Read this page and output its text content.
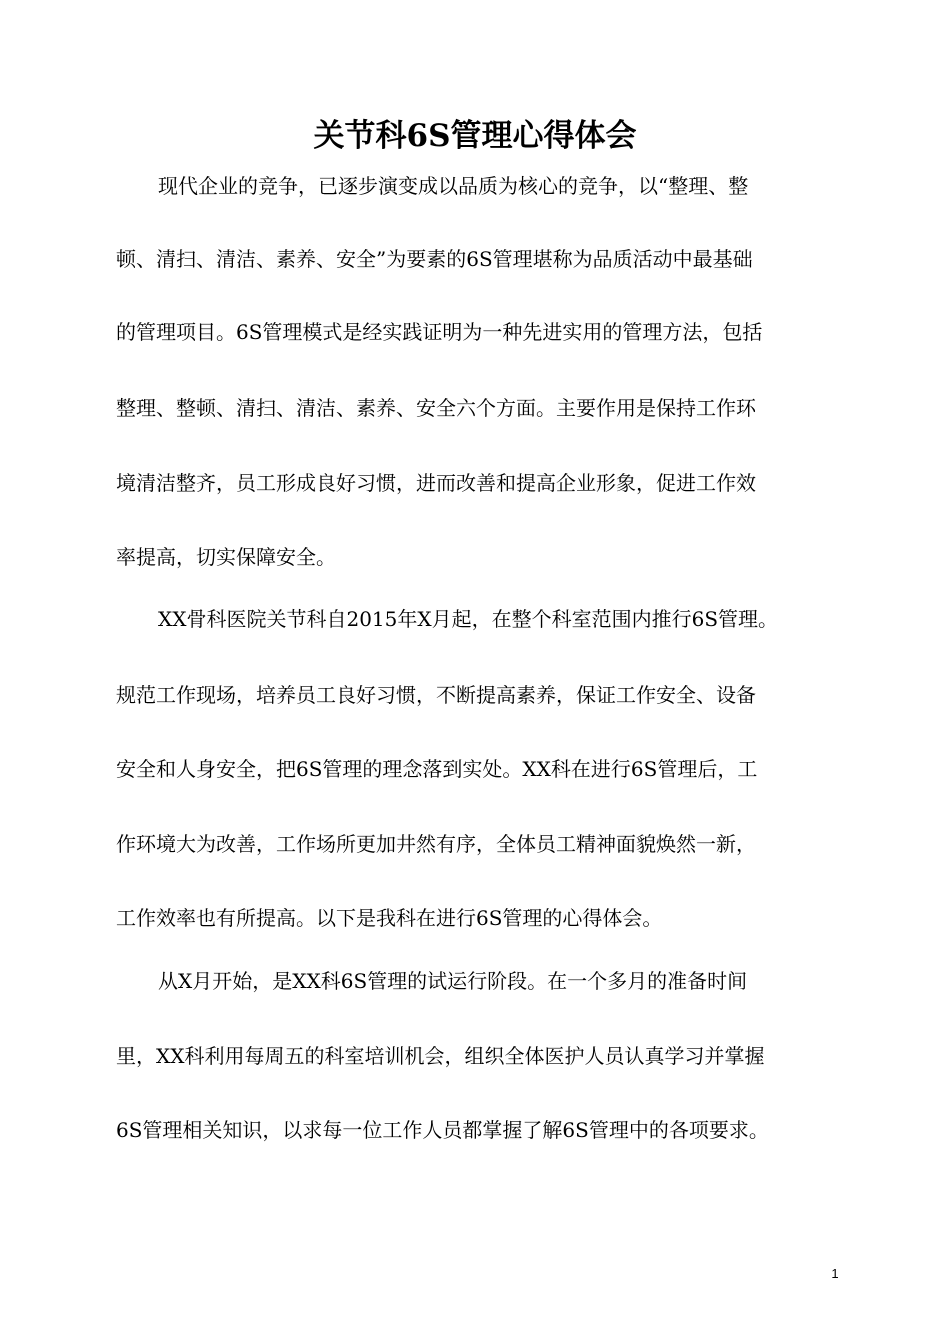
关节科6S管理心得体会
现代企业的竞争，已逐步演变成以品质为核心的竞争，以“整理、整
顿、清扫、清洁、素养、安全”为要素的6S管理堪称为品质活动中最基础
的管理项目。6S管理模式是经实践证明为一种先进实用的管理方法，包括
整理、整顿、清扫、清洁、素养、安全六个方面。主要作用是保持工作环
境清洁整齐，员工形成良好习惯，进而改善和提高企业形象，促进工作效
率提高，切实保障安全。
XX骨科医院关节科自2015年X月起，在整个科室范围内推行6S管理。
规范工作现场，培养员工良好习惯，不断提高素养，保证工作安全、设备
安全和人身安全，把6S管理的理念落到实处。XX科在进行6S管理后，工
作环境大为改善，工作场所更加井然有序，全体员工精神面貌焕然一新，
工作效率也有所提高。以下是我科在进行6S管理的心得体会。
从X月开始，是XX科6S管理的试运行阶段。在一个多月的准备时间
里，XX科利用每周五的科室培训机会，组织全体医护人员认真学习并掌握
6S管理相关知识，以求每一位工作人员都掌握了解6S管理中的各项要求。
1
